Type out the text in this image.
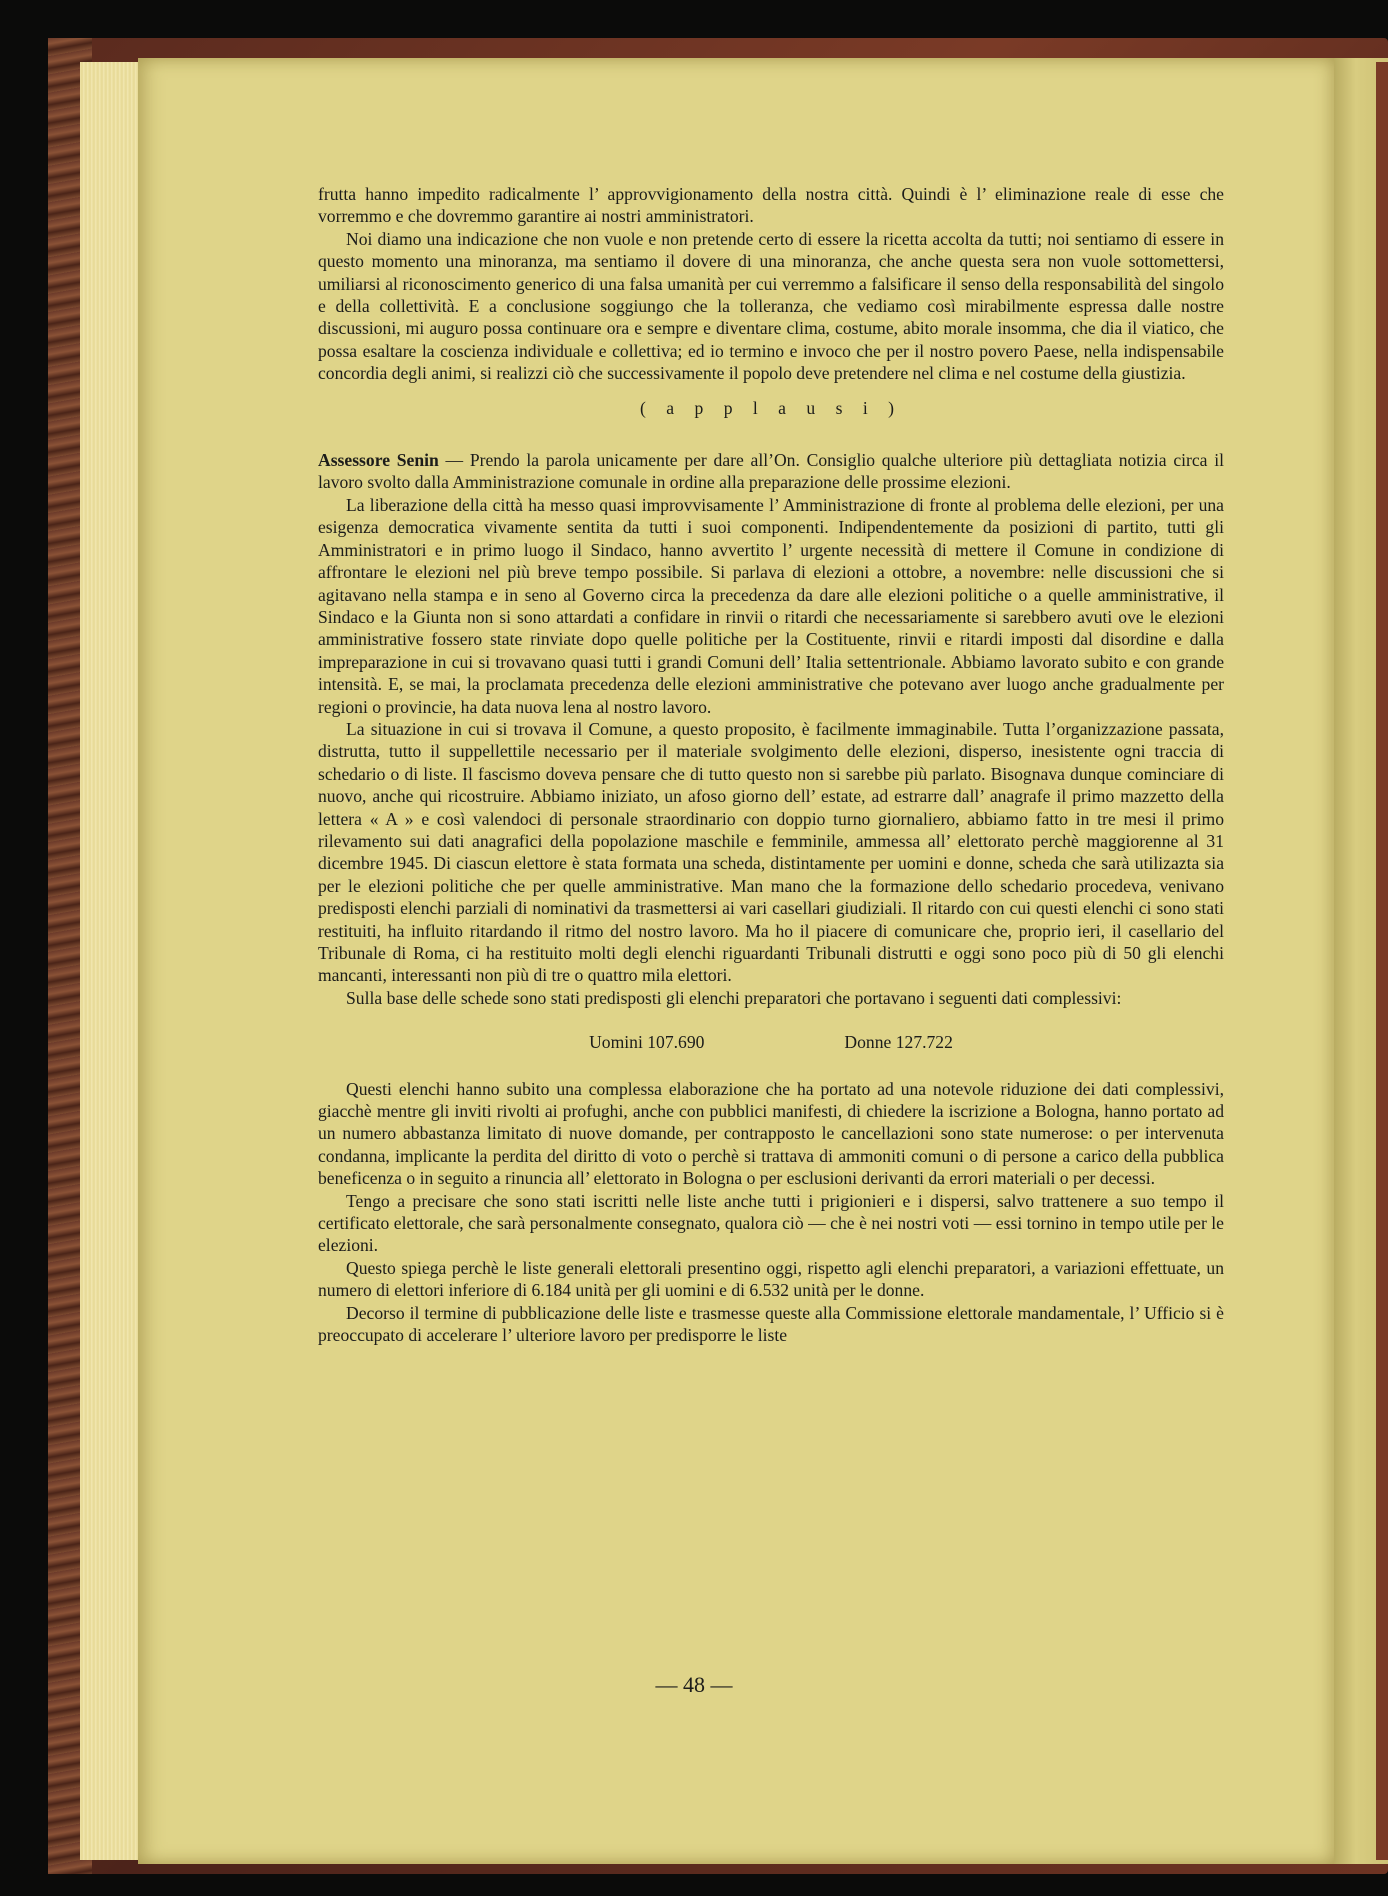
frutta hanno impedito radicalmente l’ approvvigionamento della nostra città. Quindi è l’ eliminazione reale di esse che vorremmo e che dovremmo garantire ai nostri amministratori.

Noi diamo una indicazione che non vuole e non pretende certo di essere la ricetta accolta da tutti; noi sentiamo di essere in questo momento una minoranza, ma sentiamo il dovere di una minoranza, che anche questa sera non vuole sottomettersi, umiliarsi al riconoscimento generico di una falsa umanità per cui verremmo a falsificare il senso della responsabilità del singolo e della collettività. E a conclusione soggiungo che la tolleranza, che vediamo così mirabilmente espressa dalle nostre discussioni, mi auguro possa continuare ora e sempre e diventare clima, costume, abito morale insomma, che dia il viatico, che possa esaltare la coscienza individuale e collettiva; ed io termino e invoco che per il nostro povero Paese, nella indispensabile concordia degli animi, si realizzi ciò che successivamente il popolo deve pretendere nel clima e nel costume della giustizia.

( a p p l a u s i )

Assessore Senin — Prendo la parola unicamente per dare all’On. Consiglio qualche ulteriore più dettagliata notizia circa il lavoro svolto dalla Amministrazione comunale in ordine alla preparazione delle prossime elezioni.

La liberazione della città ha messo quasi improvvisamente l’ Amministrazione di fronte al problema delle elezioni, per una esigenza democratica vivamente sentita da tutti i suoi componenti. Indipendentemente da posizioni di partito, tutti gli Amministratori e in primo luogo il Sindaco, hanno avvertito l’ urgente necessità di mettere il Comune in condizione di affrontare le elezioni nel più breve tempo possibile. Si parlava di elezioni a ottobre, a novembre: nelle discussioni che si agitavano nella stampa e in seno al Governo circa la precedenza da dare alle elezioni politiche o a quelle amministrative, il Sindaco e la Giunta non si sono attardati a confidare in rinvii o ritardi che necessariamente si sarebbero avuti ove le elezioni amministrative fossero state rinviate dopo quelle politiche per la Costituente, rinvii e ritardi imposti dal disordine e dalla impreparazione in cui si trovavano quasi tutti i grandi Comuni dell’ Italia settentrionale. Abbiamo lavorato subito e con grande intensità. E, se mai, la proclamata precedenza delle elezioni amministrative che potevano aver luogo anche gradualmente per regioni o provincie, ha data nuova lena al nostro lavoro.

La situazione in cui si trovava il Comune, a questo proposito, è facilmente immaginabile. Tutta l’organizzazione passata, distrutta, tutto il suppellettile necessario per il materiale svolgimento delle elezioni, disperso, inesistente ogni traccia di schedario o di liste. Il fascismo doveva pensare che di tutto questo non si sarebbe più parlato. Bisognava dunque cominciare di nuovo, anche qui ricostruire. Abbiamo iniziato, un afoso giorno dell’ estate, ad estrarre dall’ anagrafe il primo mazzetto della lettera « A » e così valendoci di personale straordinario con doppio turno giornaliero, abbiamo fatto in tre mesi il primo rilevamento sui dati anagrafici della popolazione maschile e femminile, ammessa all’ elettorato perchè maggiorenne al 31 dicembre 1945. Di ciascun elettore è stata formata una scheda, distintamente per uomini e donne, scheda che sarà utilizazta sia per le elezioni politiche che per quelle amministrative. Man mano che la formazione dello schedario procedeva, venivano predisposti elenchi parziali di nominativi da trasmettersi ai vari casellari giudiziali. Il ritardo con cui questi elenchi ci sono stati restituiti, ha influito ritardando il ritmo del nostro lavoro. Ma ho il piacere di comunicare che, proprio ieri, il casellario del Tribunale di Roma, ci ha restituito molti degli elenchi riguardanti Tribunali distrutti e oggi sono poco più di 50 gli elenchi mancanti, interessanti non più di tre o quattro mila elettori.

Sulla base delle schede sono stati predisposti gli elenchi preparatori che portavano i seguenti dati complessivi:

Uomini 107.690	Donne 127.722

Questi elenchi hanno subito una complessa elaborazione che ha portato ad una notevole riduzione dei dati complessivi, giacchè mentre gli inviti rivolti ai profughi, anche con pubblici manifesti, di chiedere la iscrizione a Bologna, hanno portato ad un numero abbastanza limitato di nuove domande, per contrapposto le cancellazioni sono state numerose: o per intervenuta condanna, implicante la perdita del diritto di voto o perchè si trattava di ammoniti comuni o di persone a carico della pubblica beneficenza o in seguito a rinuncia all’ elettorato in Bologna o per esclusioni derivanti da errori materiali o per decessi.

Tengo a precisare che sono stati iscritti nelle liste anche tutti i prigionieri e i dispersi, salvo trattenere a suo tempo il certificato elettorale, che sarà personalmente consegnato, qualora ciò — che è nei nostri voti — essi tornino in tempo utile per le elezioni.

Questo spiega perchè le liste generali elettorali presentino oggi, rispetto agli elenchi preparatori, a variazioni effettuate, un numero di elettori inferiore di 6.184 unità per gli uomini e di 6.532 unità per le donne.

Decorso il termine di pubblicazione delle liste e trasmesse queste alla Commissione elettorale mandamentale, l’ Ufficio si è preoccupato di accelerare l’ ulteriore lavoro per predisporre le liste

— 48 —
